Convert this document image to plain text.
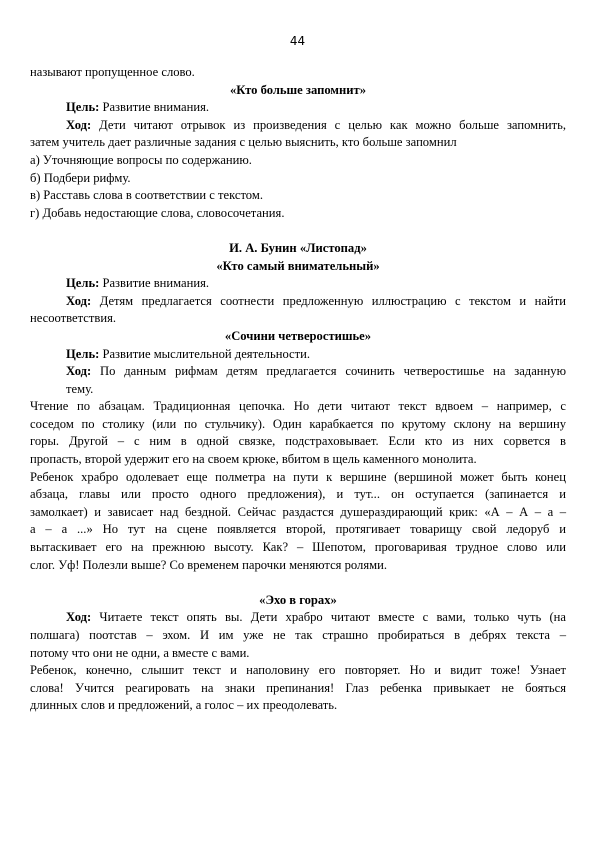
44

называют пропущенное слово.

«Кто больше запомнит»

Цель: Развитие внимания.

Ход: Дети читают отрывок из произведения с целью как можно больше запомнить,

затем учитель дает различные задания с целью выяснить, кто больше запомнил

а) Уточняющие вопросы по содержанию.

б) Подбери рифму.

в) Расставь слова в соответствии с текстом.

г) Добавь недостающие слова, словосочетания.

И. А. Бунин «Листопад»

«Кто самый внимательный»

Цель: Развитие внимания.

Ход: Детям предлагается соотнести предложенную иллюстрацию с текстом и найти

несоответствия.

«Сочини четверостишье»

Цель: Развитие мыслительной деятельности.

Ход: По данным рифмам детям предлагается сочинить четверостишье на заданную

тему.

Чтение по абзацам. Традиционная цепочка. Но дети читают текст вдвоем – например, с

соседом по столику (или по стульчику). Один карабкается по крутому склону на вершину

горы. Другой – с ним в одной связке, подстраховывает. Если кто из них сорвется в

пропасть, второй удержит его на своем крюке, вбитом в щель каменного монолита.

Ребенок храбро одолевает еще полметра на пути к вершине (вершиной может быть конец

абзаца, главы или просто одного предложения), и тут... он оступается (запинается и

замолкает) и зависает над бездной. Сейчас раздастся душераздирающий крик: «А – А – а –

а – а ...» Но тут на сцене появляется второй, протягивает товарищу свой ледоруб и

вытаскивает его на прежнюю высоту. Как? – Шепотом, проговаривая трудное слово или

слог. Уф! Полезли выше? Со временем парочки меняются ролями.

«Эхо в горах»

Ход: Читаете текст опять вы. Дети храбро читают вместе с вами, только чуть (на

полшага) поотстав – эхом. И им уже не так страшно пробираться в дебрях текста –

потому что они не одни, а вместе с вами.

Ребенок, конечно, слышит текст и наполовину его повторяет. Но и видит тоже! Узнает

слова! Учится реагировать на знаки препинания! Глаз ребенка привыкает не бояться

длинных слов и предложений, а голос – их преодолевать.
